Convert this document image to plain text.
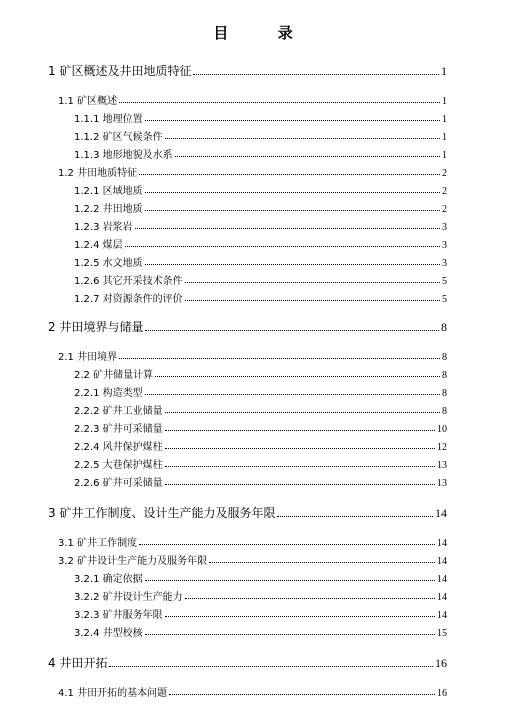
目 录
1 矿区概述及井田地质特征	1
1.1 矿区概述	1
1.1.1 地理位置	1
1.1.2 矿区气候条件	1
1.1.3 地形地貌及水系	1
1.2 井田地质特征	2
1.2.1 区域地质	2
1.2.2 井田地质	2
1.2.3 岩浆岩	3
1.2.4 煤层	3
1.2.5 水文地质	3
1.2.6 其它开采技术条件	5
1.2.7 对资源条件的评价	5
2 井田境界与储量	8
2.1 井田境界	8
2.2 矿井储量计算	8
2.2.1 构造类型	8
2.2.2 矿井工业储量	8
2.2.3 矿井可采储量	10
2.2.4 风井保护煤柱	12
2.2.5 大巷保护煤柱	13
2.2.6 矿井可采储量	13
3 矿井工作制度、设计生产能力及服务年限	14
3.1 矿井工作制度	14
3.2 矿井设计生产能力及服务年限	14
3.2.1 确定依据	14
3.2.2 矿井设计生产能力	14
3.2.3 矿井服务年限	14
3.2.4 井型校核	15
4 井田开拓	16
4.1 井田开拓的基本问题	16
